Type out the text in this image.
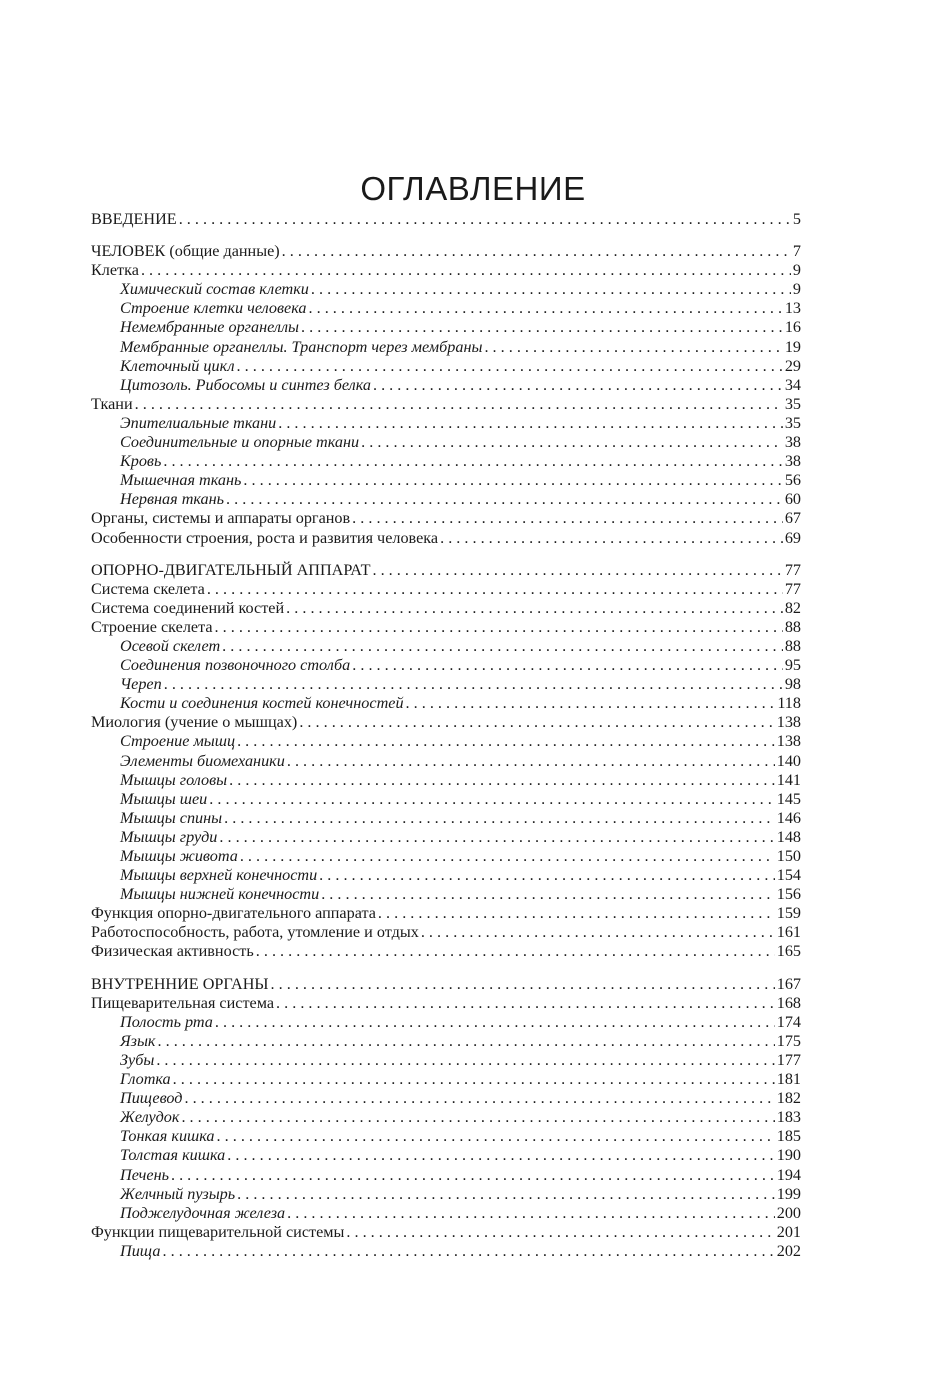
ОГЛАВЛЕНИЕ
ВВЕДЕНИЕ . . .	5
ЧЕЛОВЕК (общие данные) . . .	7
Клетка . . .	9
Химический состав клетки . . .	9
Строение клетки человека . . .	13
Немембранные органеллы . . .	16
Мембранные органеллы. Транспорт через мембраны . . .	19
Клеточный цикл . . .	29
Цитозоль. Рибосомы и синтез белка . . .	34
Ткани . . .	35
Эпителиальные ткани . . .	35
Соединительные и опорные ткани . . .	38
Кровь . . .	38
Мышечная ткань . . .	56
Нервная ткань . . .	60
Органы, системы и аппараты органов . . .	67
Особенности строения, роста и развития человека . . .	69
ОПОРНО-ДВИГАТЕЛЬНЫЙ АППАРАТ . . .	77
Система скелета . . .	77
Система соединений костей . . .	82
Строение скелета . . .	88
Осевой скелет . . .	88
Соединения позвоночного столба . . .	95
Череп . . .	98
Кости и соединения костей конечностей . . .	118
Миология (учение о мышцах) . . .	138
Строение мышц . . .	138
Элементы биомеханики . . .	140
Мышцы головы . . .	141
Мышцы шеи . . .	145
Мышцы спины . . .	146
Мышцы груди . . .	148
Мышцы живота . . .	150
Мышцы верхней конечности . . .	154
Мышцы нижней конечности . . .	156
Функция опорно-двигательного аппарата . . .	159
Работоспособность, работа, утомление и отдых . . .	161
Физическая активность . . .	165
ВНУТРЕННИЕ ОРГАНЫ . . .	167
Пищеварительная система . . .	168
Полость рта . . .	174
Язык . . .	175
Зубы . . .	177
Глотка . . .	181
Пищевод . . .	182
Желудок . . .	183
Тонкая кишка . . .	185
Толстая кишка . . .	190
Печень . . .	194
Желчный пузырь . . .	199
Поджелудочная железа . . .	200
Функции пищеварительной системы . . .	201
Пища . . .	202
